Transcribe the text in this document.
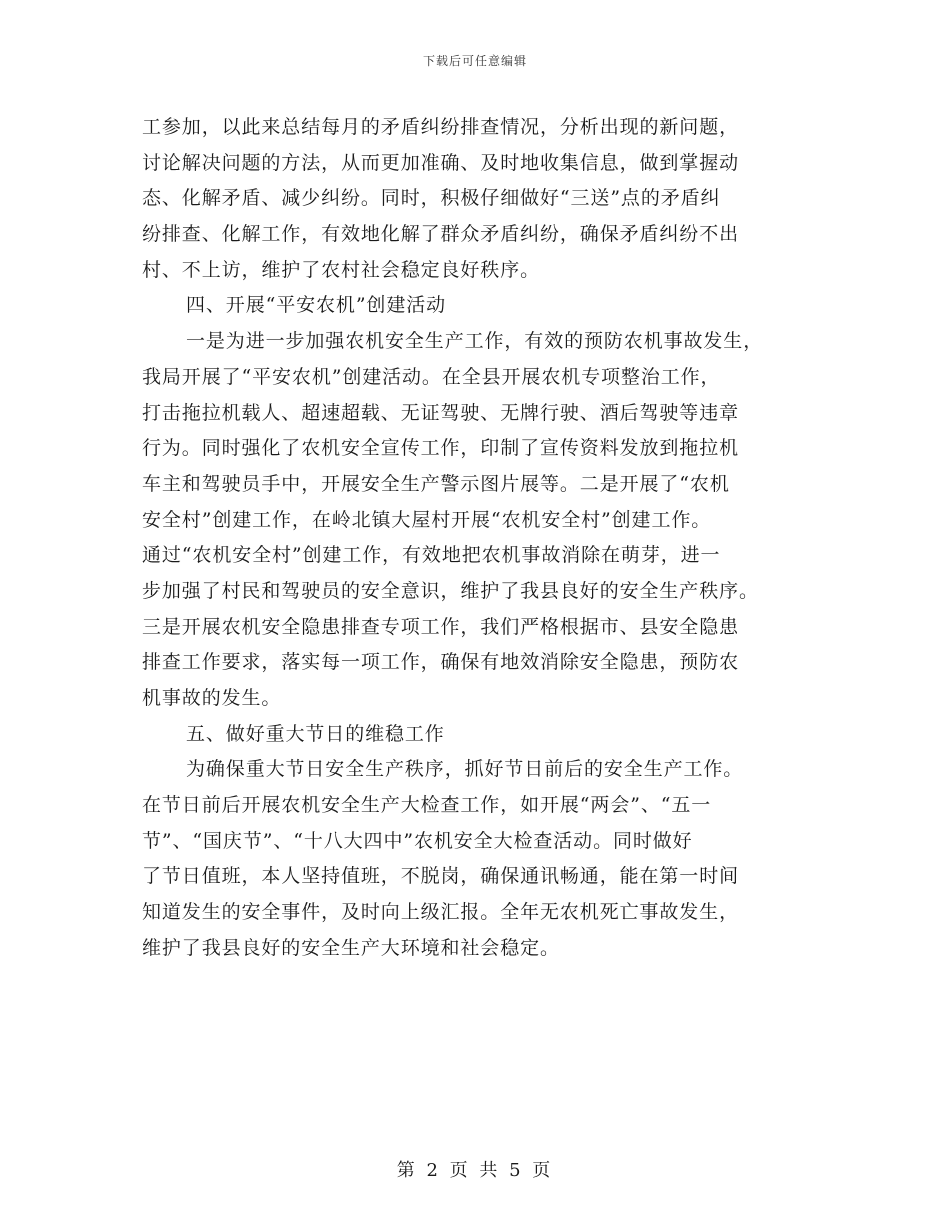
下载后可任意编辑
工参加，以此来总结每月的矛盾纠纷排查情况，分析出现的新问题，
讨论解决问题的方法，从而更加准确、及时地收集信息，做到掌握动
态、化解矛盾、减少纠纷。同时，积极仔细做好“三送”点的矛盾纠
纷排查、化解工作，有效地化解了群众矛盾纠纷，确保矛盾纠纷不出
村、不上访，维护了农村社会稳定良好秩序。
四、开展“平安农机”创建活动
一是为进一步加强农机安全生产工作，有效的预防农机事故发生，
我局开展了“平安农机”创建活动。在全县开展农机专项整治工作，
打击拖拉机载人、超速超载、无证驾驶、无牌行驶、酒后驾驶等违章
行为。同时强化了农机安全宣传工作，印制了宣传资料发放到拖拉机
车主和驾驶员手中，开展安全生产警示图片展等。二是开展了“农机
安全村”创建工作，在岭北镇大屋村开展“农机安全村”创建工作。
通过“农机安全村”创建工作，有效地把农机事故消除在萌芽，进一
步加强了村民和驾驶员的安全意识，维护了我县良好的安全生产秩序。
三是开展农机安全隐患排查专项工作，我们严格根据市、县安全隐患
排查工作要求，落实每一项工作，确保有地效消除安全隐患，预防农
机事故的发生。
五、做好重大节日的维稳工作
为确保重大节日安全生产秩序，抓好节日前后的安全生产工作。
在节日前后开展农机安全生产大检查工作，如开展“两会”、“五一
节”、“国庆节”、“十八大四中”农机安全大检查活动。同时做好
了节日值班，本人坚持值班，不脱岗，确保通讯畅通，能在第一时间
知道发生的安全事件，及时向上级汇报。全年无农机死亡事故发生，
维护了我县良好的安全生产大环境和社会稳定。
第 2 页 共 5 页
